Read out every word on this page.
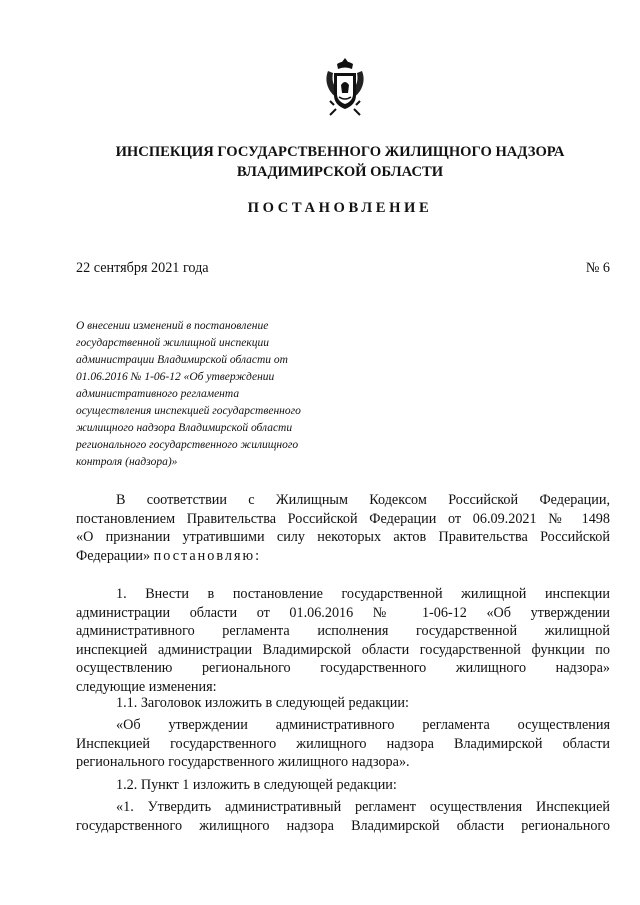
ИНСПЕКЦИЯ ГОСУДАРСТВЕННОГО ЖИЛИЩНОГО НАДЗОРА
ВЛАДИМИРСКОЙ ОБЛАСТИ
ПОСТАНОВЛЕНИЕ
22 сентября 2021 года	№ 6
О внесении изменений в постановление
государственной жилищной инспекции
администрации Владимирской области от
01.06.2016 № 1-06-12 «Об утверждении
административного регламента
осуществления инспекцией государственного
жилищного надзора Владимирской области
регионального государственного жилищного
контроля (надзора)»
В соответствии с Жилищным Кодексом Российской Федерации,
постановлением Правительства Российской Федерации от 06.09.2021 № 1498
«О признании утратившими силу некоторых актов Правительства Российской
Федерации» постановляю:
1. Внести в постановление государственной жилищной инспекции
администрации области от 01.06.2016 № 1-06-12 «Об утверждении
административного регламента исполнения государственной жилищной
инспекцией администрации Владимирской области государственной функции по
осуществлению регионального государственного жилищного надзора»
следующие изменения:
1.1. Заголовок изложить в следующей редакции:
«Об утверждении административного регламента осуществления
Инспекцией государственного жилищного надзора Владимирской области
регионального государственного жилищного надзора».
1.2. Пункт 1 изложить в следующей редакции:
«1. Утвердить административный регламент осуществления Инспекцией
государственного жилищного надзора Владимирской области регионального
